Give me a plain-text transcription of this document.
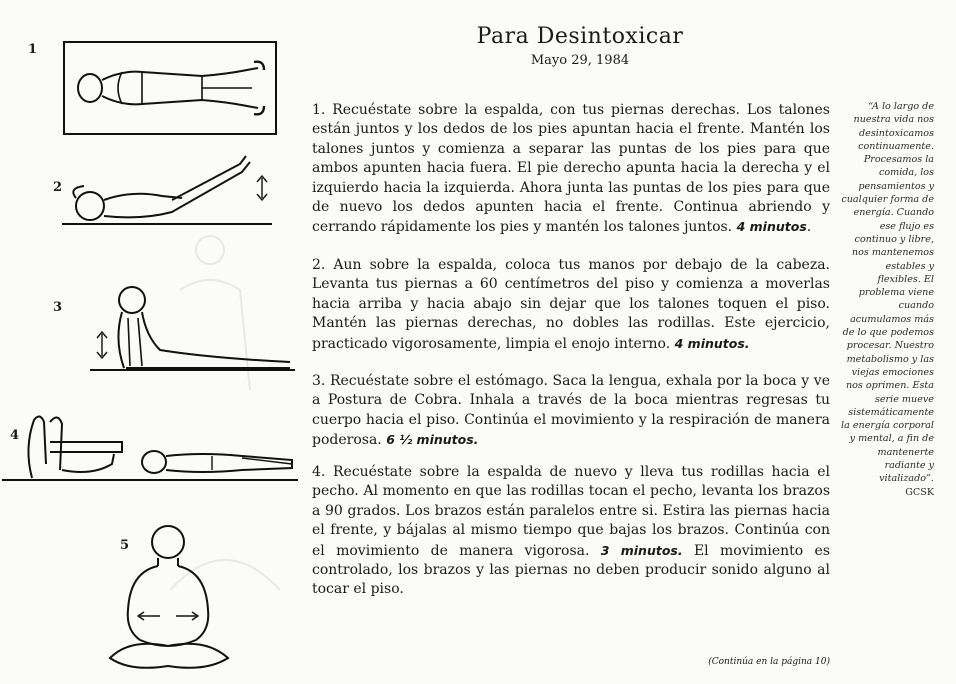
Para Desintoxicar
Mayo 29, 1984
1
2
3
4
5
1. Recuéstate sobre la espalda, con tus piernas derechas. Los talones están juntos y los dedos de los pies apuntan hacia el frente. Mantén los talones juntos y comienza a separar las puntas de los pies para que ambos apunten hacia fuera. El pie derecho apunta hacia la derecha y el izquierdo hacia la izquierda. Ahora junta las puntas de los pies para que de nuevo los dedos apunten hacia el frente. Continua abriendo y cerrando rápidamente los pies y mantén los talones juntos. 4 minutos.
2. Aun sobre la espalda, coloca tus manos por debajo de la cabeza. Levanta tus piernas a 60 centímetros del piso y comienza a moverlas hacia arriba y hacia abajo sin dejar que los talones toquen el piso. Mantén las piernas derechas, no dobles las rodillas. Este ejercicio, practicado vigorosamente, limpia el enojo interno. 4 minutos.
3. Recuéstate sobre el estómago. Saca la lengua, exhala por la boca y ve a Postura de Cobra. Inhala a través de la boca mientras regresas tu cuerpo hacia el piso. Continúa el movimiento y la respiración de manera poderosa. 6 ½ minutos.
4. Recuéstate sobre la espalda de nuevo y lleva tus rodillas hacia el pecho. Al momento en que las rodillas tocan el pecho, levanta los brazos a 90 grados. Los brazos están paralelos entre si. Estira las piernas hacia el frente, y bájalas al mismo tiempo que bajas los brazos. Continúa con el movimiento de manera vigorosa. 3 minutos. El movimiento es controlado, los brazos y las piernas no deben producir sonido alguno al tocar el piso.
“A lo largo de nuestra vida nos desintoxicamos continuamente. Procesamos la comida, los pensamientos y cualquier forma de energía. Cuando ese flujo es continuo y libre, nos mantenemos estables y flexibles. El problema viene cuando acumulamos más de lo que podemos procesar. Nuestro metabolismo y las viejas emociones nos oprimen. Esta serie mueve sistemáticamente la energía corporal y mental, a fin de mantenerte radiante y vitalizado”.
GCSK
(Continúa en la página 10)
